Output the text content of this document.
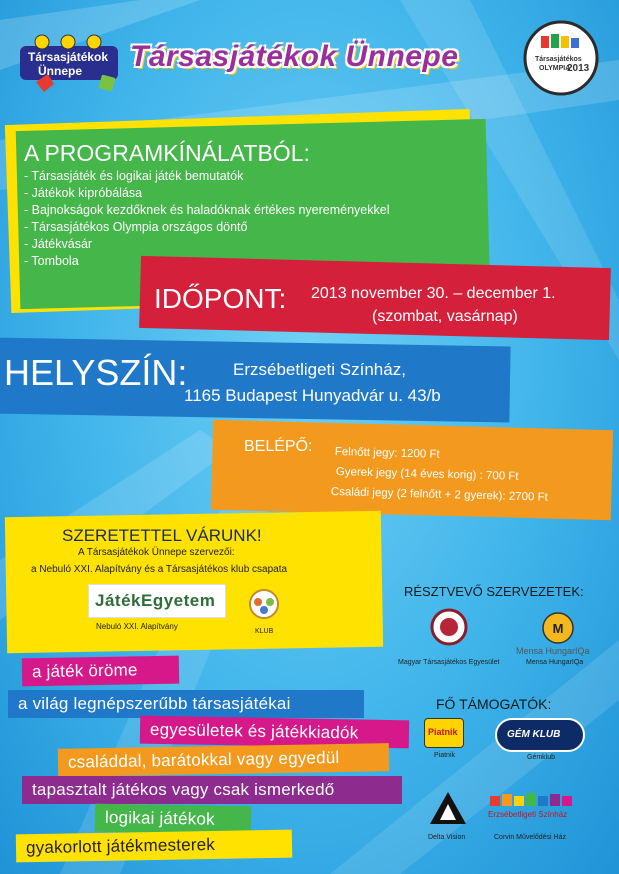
Társasjátékok
Ünnepe Társasjátékok Ünnepe	Társasjátékos
OLYMPIA
2013
A PROGRAMKÍNÁLATBÓL:
- Társasjáték és logikai játék bemutatók
- Játékok kipróbálása
- Bajnokságok kezdőknek és haladóknak értékes nyereményekkel
- Társasjátékos Olympia országos döntő
- Játékvásár
- Tombola
IDŐPONT: 2013 november 30. – december 1.
(szombat, vasárnap)
HELYSZÍN:	Erzsébetligeti Színház,
1165 Budapest Hunyadvár u. 43/b
BELÉPŐ: Felnőtt jegy: 1200 Ft
Gyerek jegy (14 éves korig) : 700 Ft
Családi jegy (2 felnőtt + 2 gyerek): 2700 Ft
SZERETETTEL VÁRUNK!
A Társasjátékok Ünnepe szervezői:
a Nebuló XXI. Alapítvány és a Társasjátékos klub csapata
JátékEgyetem
Nebuló XXI. Alapítvány
KLUB
RÉSZTVEVŐ SZERVEZETEK:
Magyar Társasjátékos Egyesület
M
Mensa HungarIQa
Mensa HungarIQa
FŐ TÁMOGATÓK:
Piatnik
Piatnik
GÉM KLUB
Gémklub
Delta Vision
Erzsébetligeti Színház
Corvin Művelődési Ház
a játék öröme
a világ legnépszerűbb társasjátékai
egyesületek és játékkiadók
családdal, barátokkal vagy egyedül
tapasztalt játékos vagy csak ismerkedő
logikai játékok
gyakorlott játékmesterek
